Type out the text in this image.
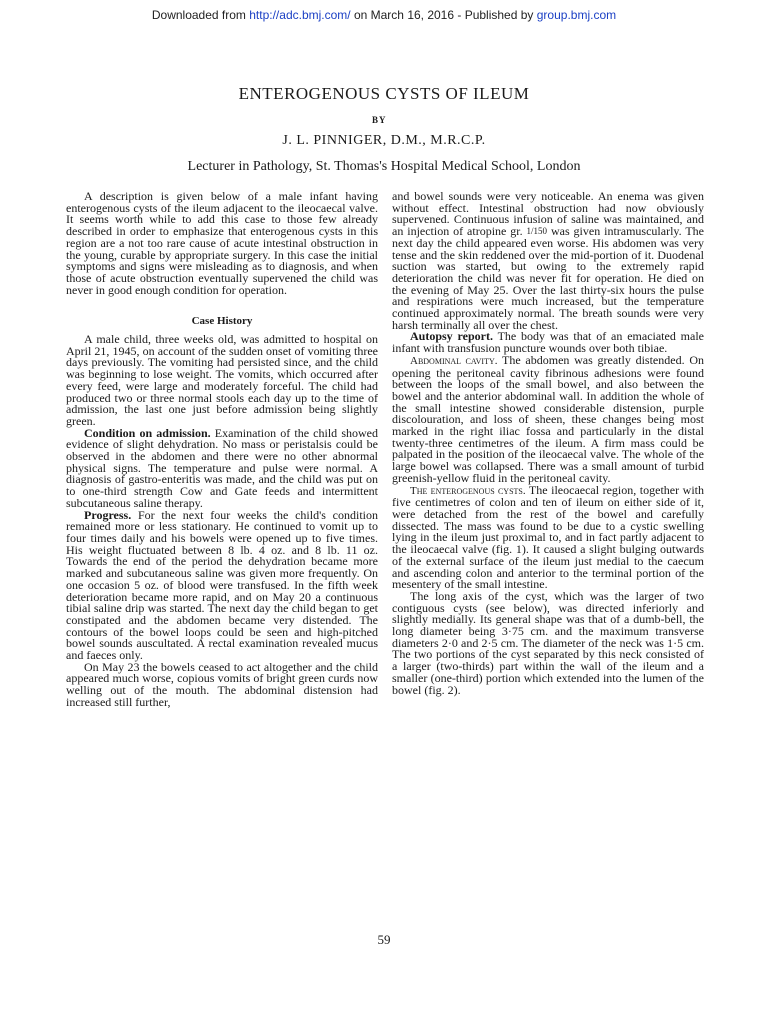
Downloaded from http://adc.bmj.com/ on March 16, 2016 - Published by group.bmj.com
ENTEROGENOUS CYSTS OF ILEUM
BY
J. L. PINNIGER, D.M., M.R.C.P.
Lecturer in Pathology, St. Thomas's Hospital Medical School, London

A description is given below of a male infant having enterogenous cysts of the ileum adjacent to the ileocaecal valve. It seems worth while to add this case to those few already described in order to emphasize that enterogenous cysts in this region are a not too rare cause of acute intestinal obstruction in the young, curable by appropriate surgery. In this case the initial symptoms and signs were misleading as to diagnosis, and when those of acute obstruction eventually supervened the child was never in good enough condition for operation.

Case History

A male child, three weeks old, was admitted to hospital on April 21, 1945, on account of the sudden onset of vomiting three days previously. The vomiting had persisted since, and the child was beginning to lose weight. The vomits, which occurred after every feed, were large and moderately forceful. The child had produced two or three normal stools each day up to the time of admission, the last one just before admission being slightly green.

Condition on admission. Examination of the child showed evidence of slight dehydration. No mass or peristalsis could be observed in the abdomen and there were no other abnormal physical signs. The temperature and pulse were normal. A diagnosis of gastro-enteritis was made, and the child was put on to one-third strength Cow and Gate feeds and intermittent subcutaneous saline therapy.

Progress. For the next four weeks the child's condition remained more or less stationary. He continued to vomit up to four times daily and his bowels were opened up to five times. His weight fluctuated between 8 lb. 4 oz. and 8 lb. 11 oz. Towards the end of the period the dehydration became more marked and subcutaneous saline was given more frequently. On one occasion 5 oz. of blood were transfused. In the fifth week deterioration became more rapid, and on May 20 a continuous tibial saline drip was started. The next day the child began to get constipated and the abdomen became very distended. The contours of the bowel loops could be seen and high-pitched bowel sounds auscultated. A rectal examination revealed mucus and faeces only.

On May 23 the bowels ceased to act altogether and the child appeared much worse, copious vomits of bright green curds now welling out of the mouth. The abdominal distension had increased still further,

and bowel sounds were very noticeable. An enema was given without effect. Intestinal obstruction had now obviously supervened. Continuous infusion of saline was maintained, and an injection of atropine gr. 1/150 was given intramuscularly. The next day the child appeared even worse. His abdomen was very tense and the skin reddened over the mid-portion of it. Duodenal suction was started, but owing to the extremely rapid deterioration the child was never fit for operation. He died on the evening of May 25. Over the last thirty-six hours the pulse and respirations were much increased, but the temperature continued approximately normal. The breath sounds were very harsh terminally all over the chest.

Autopsy report. The body was that of an emaciated male infant with transfusion puncture wounds over both tibiae.

Abdominal cavity. The abdomen was greatly distended. On opening the peritoneal cavity fibrinous adhesions were found between the loops of the small bowel, and also between the bowel and the anterior abdominal wall. In addition the whole of the small intestine showed considerable distension, purple discolouration, and loss of sheen, these changes being most marked in the right iliac fossa and particularly in the distal twenty-three centimetres of the ileum. A firm mass could be palpated in the position of the ileocaecal valve. The whole of the large bowel was collapsed. There was a small amount of turbid greenish-yellow fluid in the peritoneal cavity.

The enterogenous cysts. The ileocaecal region, together with five centimetres of colon and ten of ileum on either side of it, were detached from the rest of the bowel and carefully dissected. The mass was found to be due to a cystic swelling lying in the ileum just proximal to, and in fact partly adjacent to the ileocaecal valve (fig. 1). It caused a slight bulging outwards of the external surface of the ileum just medial to the caecum and ascending colon and anterior to the terminal portion of the mesentery of the small intestine.

The long axis of the cyst, which was the larger of two contiguous cysts (see below), was directed inferiorly and slightly medially. Its general shape was that of a dumb-bell, the long diameter being 3·75 cm. and the maximum transverse diameters 2·0 and 2·5 cm. The diameter of the neck was 1·5 cm. The two portions of the cyst separated by this neck consisted of a larger (two-thirds) part within the wall of the ileum and a smaller (one-third) portion which extended into the lumen of the bowel (fig. 2).

59
